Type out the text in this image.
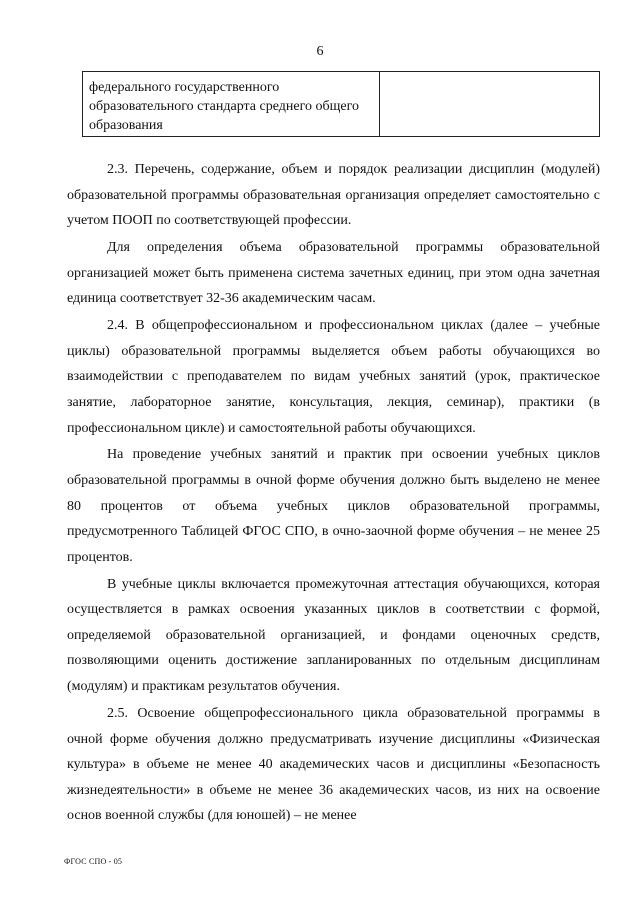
6
федерального государственного образовательного стандарта среднего общего образования

2.3. Перечень, содержание, объем и порядок реализации дисциплин (модулей) образовательной программы образовательная организация определяет самостоятельно с учетом ПООП по соответствующей профессии.

Для определения объема образовательной программы образовательной организацией может быть применена система зачетных единиц, при этом одна зачетная единица соответствует 32-36 академическим часам.

2.4. В общепрофессиональном и профессиональном циклах (далее – учебные циклы) образовательной программы выделяется объем работы обучающихся во взаимодействии с преподавателем по видам учебных занятий (урок, практическое занятие, лабораторное занятие, консультация, лекция, семинар), практики (в профессиональном цикле) и самостоятельной работы обучающихся.

На проведение учебных занятий и практик при освоении учебных циклов образовательной программы в очной форме обучения должно быть выделено не менее 80 процентов от объема учебных циклов образовательной программы, предусмотренного Таблицей ФГОС СПО, в очно-заочной форме обучения – не менее 25 процентов.

В учебные циклы включается промежуточная аттестация обучающихся, которая осуществляется в рамках освоения указанных циклов в соответствии с формой, определяемой образовательной организацией, и фондами оценочных средств, позволяющими оценить достижение запланированных по отдельным дисциплинам (модулям) и практикам результатов обучения.

2.5. Освоение общепрофессионального цикла образовательной программы в очной форме обучения должно предусматривать изучение дисциплины «Физическая культура» в объеме не менее 40 академических часов и дисциплины «Безопасность жизнедеятельности» в объеме не менее 36 академических часов, из них на освоение основ военной службы (для юношей) – не менее

ФГОС СПО - 05
